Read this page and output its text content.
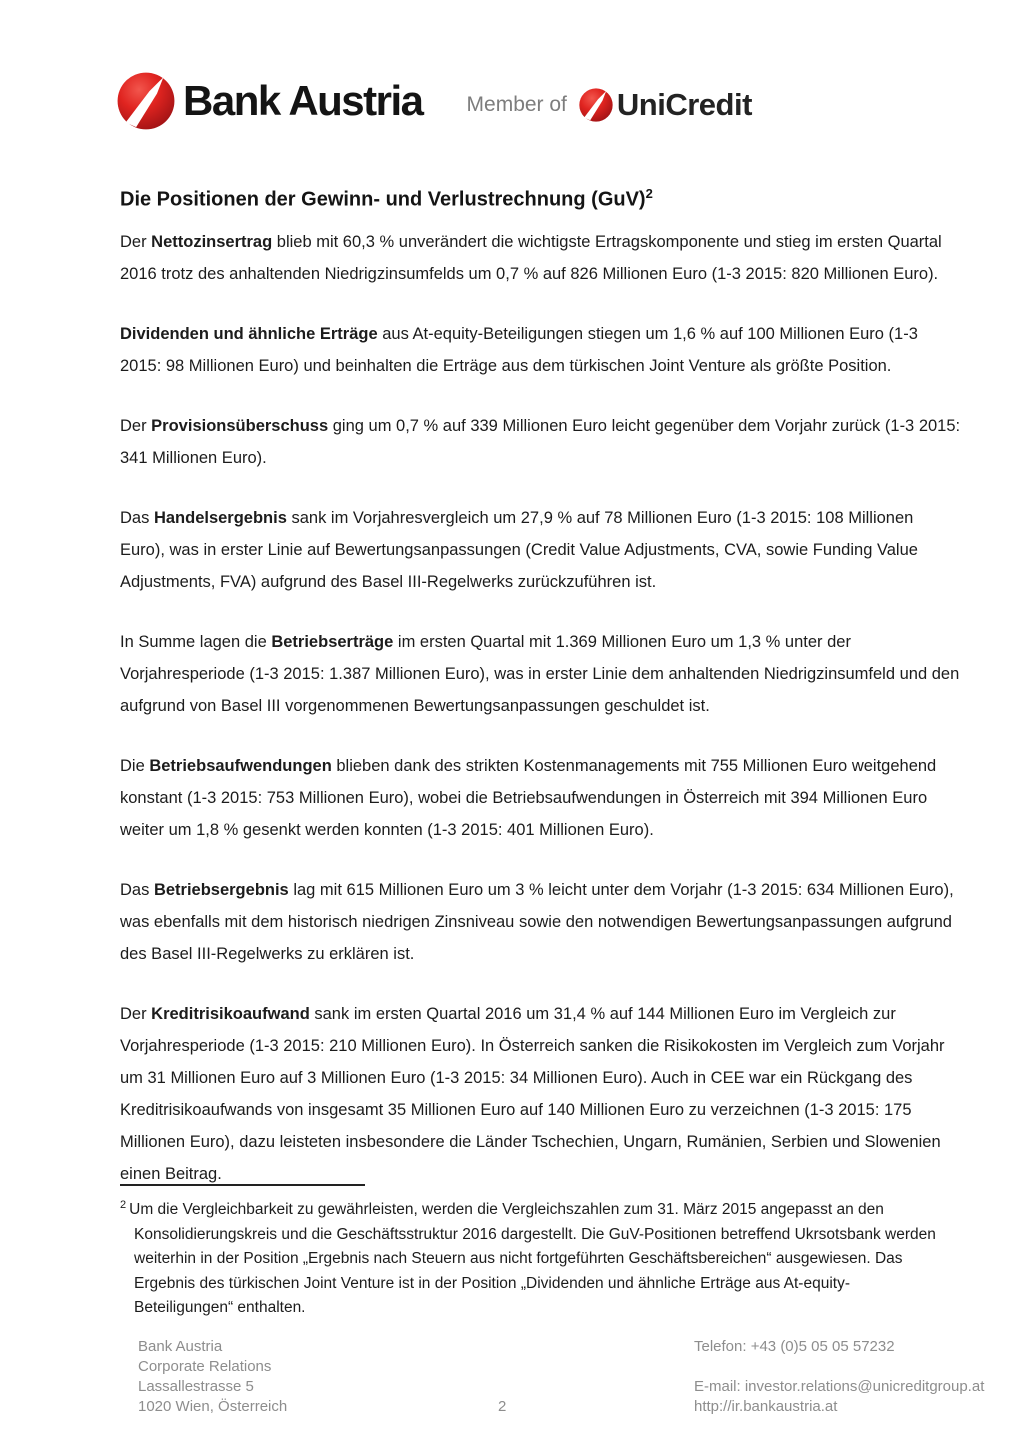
Bank Austria Member of UniCredit
Die Positionen der Gewinn- und Verlustrechnung (GuV)$^2$

Der Nettozinsertrag blieb mit 60,3 % unverändert die wichtigste Ertragskomponente und stieg im ersten Quartal 2016 trotz des anhaltenden Niedrigzinsumfelds um 0,7 % auf 826 Millionen Euro (1-3 2015: 820 Millionen Euro).

Dividenden und ähnliche Erträge aus At-equity-Beteiligungen stiegen um 1,6 % auf 100 Millionen Euro (1-3 2015: 98 Millionen Euro) und beinhalten die Erträge aus dem türkischen Joint Venture als größte Position.

Der Provisionsüberschuss ging um 0,7 % auf 339 Millionen Euro leicht gegenüber dem Vorjahr zurück (1-3 2015: 341 Millionen Euro).

Das Handelsergebnis sank im Vorjahresvergleich um 27,9 % auf 78 Millionen Euro (1-3 2015: 108 Millionen Euro), was in erster Linie auf Bewertungsanpassungen (Credit Value Adjustments, CVA, sowie Funding Value Adjustments, FVA) aufgrund des Basel III-Regelwerks zurückzuführen ist.

In Summe lagen die Betriebserträge im ersten Quartal mit 1.369 Millionen Euro um 1,3 % unter der Vorjahresperiode (1-3 2015: 1.387 Millionen Euro), was in erster Linie dem anhaltenden Niedrigzinsumfeld und den aufgrund von Basel III vorgenommenen Bewertungsanpassungen geschuldet ist.

Die Betriebsaufwendungen blieben dank des strikten Kostenmanagements mit 755 Millionen Euro weitgehend konstant (1-3 2015: 753 Millionen Euro), wobei die Betriebsaufwendungen in Österreich mit 394 Millionen Euro weiter um 1,8 % gesenkt werden konnten (1-3 2015: 401 Millionen Euro).

Das Betriebsergebnis lag mit 615 Millionen Euro um 3 % leicht unter dem Vorjahr (1-3 2015: 634 Millionen Euro), was ebenfalls mit dem historisch niedrigen Zinsniveau sowie den notwendigen Bewertungsanpassungen aufgrund des Basel III-Regelwerks zu erklären ist.

Der Kreditrisikoaufwand sank im ersten Quartal 2016 um 31,4 % auf 144 Millionen Euro im Vergleich zur Vorjahresperiode (1-3 2015: 210 Millionen Euro). In Österreich sanken die Risikokosten im Vergleich zum Vorjahr um 31 Millionen Euro auf 3 Millionen Euro (1-3 2015: 34 Millionen Euro). Auch in CEE war ein Rückgang des Kreditrisikoaufwands von insgesamt 35 Millionen Euro auf 140 Millionen Euro zu verzeichnen (1-3 2015: 175 Millionen Euro), dazu leisteten insbesondere die Länder Tschechien, Ungarn, Rumänien, Serbien und Slowenien einen Beitrag.

$^2$ Um die Vergleichbarkeit zu gewährleisten, werden die Vergleichszahlen zum 31. März 2015 angepasst an den Konsolidierungskreis und die Geschäftsstruktur 2016 dargestellt. Die GuV-Positionen betreffend Ukrsotsbank werden weiterhin in der Position „Ergebnis nach Steuern aus nicht fortgeführten Geschäftsbereichen“ ausgewiesen. Das Ergebnis des türkischen Joint Venture ist in der Position „Dividenden und ähnliche Erträge aus At-equity-Beteiligungen“ enthalten.
Bank Austria
Corporate Relations
Lassallestrasse 5
1020 Wien, Österreich	2
Telefon: +43 (0)5 05 05 57232
E-mail: investor.relations@unicreditgroup.at
http://ir.bankaustria.at
